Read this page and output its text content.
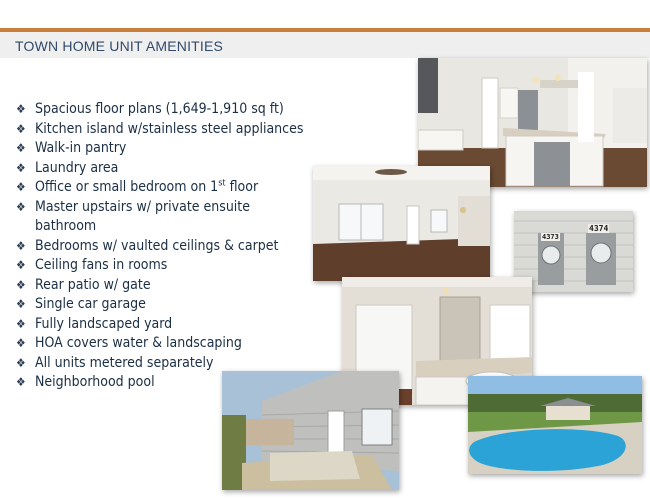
TOWN HOME UNIT AMENITIES
❖ Spacious floor plans (1,649-1,910 sq ft)
❖ Kitchen island w/stainless steel appliances
❖ Walk-in pantry
❖ Laundry area
❖ Office or small bedroom on 1st floor
❖ Master upstairs w/ private ensuite bathroom
❖ Bedrooms w/ vaulted ceilings & carpet
❖ Ceiling fans in rooms
❖ Rear patio w/ gate
❖ Single car garage
❖ Fully landscaped yard
❖ HOA covers water & landscaping
❖ All units metered separately
❖ Neighborhood pool
4373
4374
